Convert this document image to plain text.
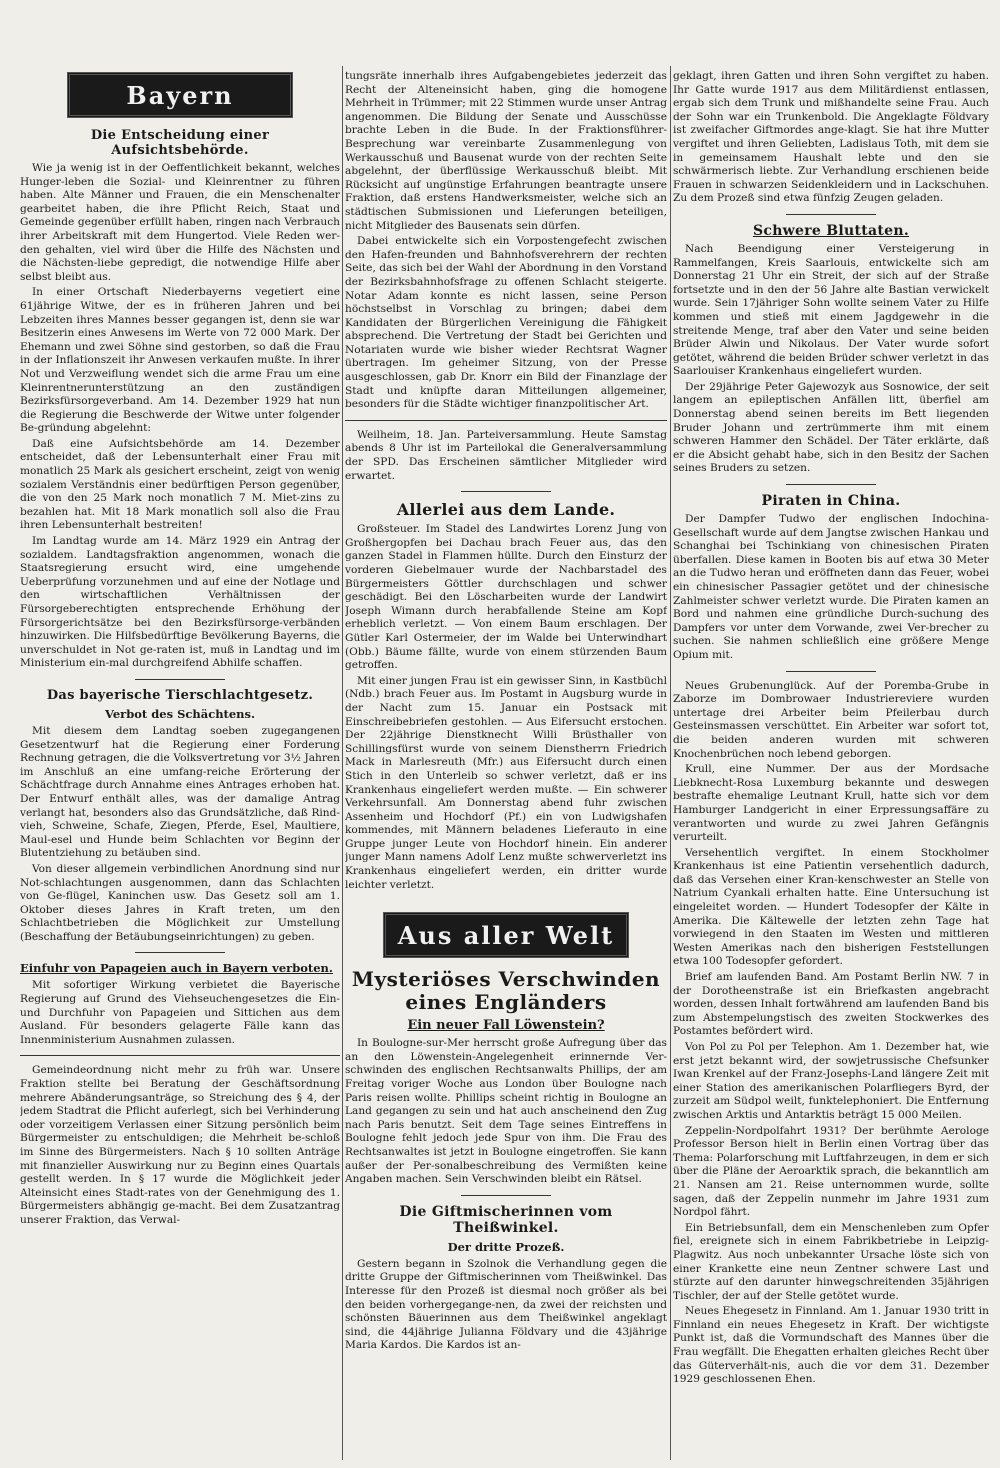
Bayern
Die Entscheidung einer Aufsichtsbehörde.

Wie ja wenig ist in der Oeffentlichkeit bekannt, welches Hunger-leben die Sozial- und Kleinrentner zu führen haben. Alte Männer und Frauen, die ein Menschenalter gearbeitet haben, die ihre Pflicht Reich, Staat und Gemeinde gegenüber erfüllt haben, ringen nach Verbrauch ihrer Arbeitskraft mit dem Hungertod. Viele Reden wer-den gehalten, viel wird über die Hilfe des Nächsten und die Nächsten-liebe gepredigt, die notwendige Hilfe aber selbst bleibt aus.

In einer Ortschaft Niederbayerns vegetiert eine 61jährige Witwe, der es in früheren Jahren und bei Lebzeiten ihres Mannes besser gegangen ist, denn sie war Besitzerin eines Anwesens im Werte von 72 000 Mark. Der Ehemann und zwei Söhne sind gestorben, so daß die Frau in der Inflationszeit ihr Anwesen verkaufen mußte. In ihrer Not und Verzweiflung wendet sich die arme Frau um eine Kleinrentnerunterstützung an den zuständigen Bezirksfürsorgeverband. Am 14. Dezember 1929 hat nun die Regierung die Beschwerde der Witwe unter folgender Be-gründung abgelehnt:

Daß eine Aufsichtsbehörde am 14. Dezember entscheidet, daß der Lebensunterhalt einer Frau mit monatlich 25 Mark als gesichert erscheint, zeigt von wenig sozialem Verständnis einer bedürftigen Person gegenüber, die von den 25 Mark noch monatlich 7 M. Miet-zins zu bezahlen hat. Mit 18 Mark monatlich soll also die Frau ihren Lebensunterhalt bestreiten!

Im Landtag wurde am 14. März 1929 ein Antrag der sozialdem. Landtagsfraktion angenommen, wonach die Staatsregierung ersucht wird, eine umgehende Ueberprüfung vorzunehmen und auf eine der Notlage und den wirtschaftlichen Verhältnissen der Fürsorgeberechtigten entsprechende Erhöhung der Fürsorgerichtsätze bei den Bezirksfürsorge-verbänden hinzuwirken. Die Hilfsbedürftige Bevölkerung Bayerns, die unverschuldet in Not ge-raten ist, muß in Landtag und im Ministerium ein-mal durchgreifend Abhilfe schaffen.

Das bayerische Tierschlachtgesetz.
Verbot des Schächtens.

Mit diesem dem Landtag soeben zugegangenen Gesetzentwurf hat die Regierung einer Forderung Rechnung getragen, die die Volksvertretung vor 3½ Jahren im Anschluß an eine umfang-reiche Erörterung der Schächtfrage durch Annahme eines Antrages erhoben hat. Der Entwurf enthält alles, was der damalige Antrag verlangt hat, besonders also das Grundsätzliche, daß Rind-vieh, Schweine, Schafe, Ziegen, Pferde, Esel, Maultiere, Maul-esel und Hunde beim Schlachten vor Beginn der Blutentziehung zu betäuben sind.

Von dieser allgemein verbindlichen Anordnung sind nur Not-schlachtungen ausgenommen, dann das Schlachten von Ge-flügel, Kaninchen usw. Das Gesetz soll am 1. Oktober dieses Jahres in Kraft treten, um den Schlachtbetrieben die Möglichkeit zur Umstellung (Beschaffung der Betäubungseinrichtungen) zu geben.

Einfuhr von Papageien auch in Bayern verboten.

Mit sofortiger Wirkung verbietet die Bayerische Regierung auf Grund des Viehseuchengesetzes die Ein- und Durchfuhr von Papageien und Sittichen aus dem Ausland. Für besonders gelagerte Fälle kann das Innenministerium Ausnahmen zulassen.

Gemeindeordnung nicht mehr zu früh war. Unsere Fraktion stellte bei Beratung der Geschäftsordnung mehrere Abänderungsanträge, so Streichung des § 4, der jedem Stadtrat die Pflicht auferlegt, sich bei Verhinderung oder vorzeitigem Verlassen einer Sitzung persönlich beim Bürgermeister zu entschuldigen; die Mehrheit be-schloß im Sinne des Bürgermeisters. Nach § 10 sollten Anträge mit finanzieller Auswirkung nur zu Beginn eines Quartals gestellt werden. In § 17 wurde die Möglichkeit jeder Alteinsicht eines Stadt-rates von der Genehmigung des 1. Bürgermeisters abhängig ge-macht. Bei dem Zusatzantrag unserer Fraktion, das Verwal-

tungsräte innerhalb ihres Aufgabengebietes jederzeit das Recht der Alteneinsicht haben, ging die homogene Mehrheit in Trümmer; mit 22 Stimmen wurde unser Antrag angenommen. Die Bildung der Senate und Ausschüsse brachte Leben in die Bude. In der Fraktionsführer-Besprechung war vereinbarte Zusammenlegung von Werkausschuß und Bausenat wurde von der rechten Seite abgelehnt, der überflüssige Werkausschuß bleibt. Mit Rücksicht auf ungünstige Erfahrungen beantragte unsere Fraktion, daß erstens Handwerksmeister, welche sich an städtischen Submissionen und Lieferungen beteiligen, nicht Mitglieder des Bausenats sein dürfen.

Dabei entwickelte sich ein Vorpostengefecht zwischen den Hafen-freunden und Bahnhofsverehrern der rechten Seite, das sich bei der Wahl der Abordnung in den Vorstand der Bezirksbahnhofsfrage zu offenen Schlacht steigerte. Notar Adam konnte es nicht lassen, seine Person höchstselbst in Vorschlag zu bringen; dabei dem Kandidaten der Bürgerlichen Vereinigung die Fähigkeit absprechend. Die Vertretung der Stadt bei Gerichten und Notariaten wurde wie bisher wieder Rechtsrat Wagner übertragen. Im geheimer Sitzung, von der Presse ausgeschlossen, gab Dr. Knorr ein Bild der Finanzlage der Stadt und knüpfte daran Mitteilungen allgemeiner, besonders für die Städte wichtiger finanzpolitischer Art.

Weilheim, 18. Jan. Parteiversammlung. Heute Samstag abends 8 Uhr ist im Parteilokal die Generalversammlung der SPD. Das Erscheinen sämtlicher Mitglieder wird erwartet.

Allerlei aus dem Lande.

Großsteuer. Im Stadel des Landwirtes Lorenz Jung von Großhergopfen bei Dachau brach Feuer aus, das den ganzen Stadel in Flammen hüllte. Durch den Einsturz der vorderen Giebelmauer wurde der Nachbarstadel des Bürgermeisters Göttler durchschlagen und schwer geschädigt. Bei den Löscharbeiten wurde der Landwirt Joseph Wimann durch herabfallende Steine am Kopf erheblich verletzt. — Von einem Baum erschlagen. Der Gütler Karl Ostermeier, der im Walde bei Unterwindhart (Obb.) Bäume fällte, wurde von einem stürzenden Baum getroffen.

Mit einer jungen Frau ist ein gewisser Sinn, in Kastbüchl (Ndb.) brach Feuer aus. Im Postamt in Augsburg wurde in der Nacht zum 15. Januar ein Postsack mit Einschreibebriefen gestohlen. — Aus Eifersucht erstochen. Der 22jährige Dienstknecht Willi Brüsthaller von Schillingsfürst wurde von seinem Dienstherrn Friedrich Mack in Marlesreuth (Mfr.) aus Eifersucht durch einen Stich in den Unterleib so schwer verletzt, daß er ins Krankenhaus eingeliefert werden mußte. — Ein schwerer Verkehrsunfall. Am Donnerstag abend fuhr zwischen Assenheim und Hochdorf (Pf.) ein von Ludwigshafen kommendes, mit Männern beladenes Lieferauto in eine Gruppe junger Leute von Hochdorf hinein. Ein anderer junger Mann namens Adolf Lenz mußte schwerverletzt ins Krankenhaus eingeliefert werden, ein dritter wurde leichter verletzt.

Aus aller Welt
Mysteriöses Verschwinden eines Engländers
Ein neuer Fall Löwenstein?

In Boulogne-sur-Mer herrscht große Aufregung über das an den Löwenstein-Angelegenheit erinnernde Ver-schwinden des englischen Rechtsanwalts Phillips, der am Freitag voriger Woche aus London über Boulogne nach Paris reisen wollte. Phillips scheint richtig in Boulogne an Land gegangen zu sein und hat auch anscheinend den Zug nach Paris benutzt. Seit dem Tage seines Eintreffens in Boulogne fehlt jedoch jede Spur von ihm. Die Frau des Rechtsanwaltes ist jetzt in Boulogne eingetroffen. Sie kann außer der Per-sonalbeschreibung des Vermißten keine Angaben machen. Sein Verschwinden bleibt ein Rätsel.

Die Giftmischerinnen vom Theißwinkel.
Der dritte Prozeß.

Gestern begann in Szolnok die Verhandlung gegen die dritte Gruppe der Giftmischerinnen vom Theißwinkel. Das Interesse für den Prozeß ist diesmal noch größer als bei den beiden vorhergegange-nen, da zwei der reichsten und schönsten Bäuerinnen aus dem Theißwinkel angeklagt sind, die 44jährige Julianna Földvary und die 43jährige Maria Kardos. Die Kardos ist an-

geklagt, ihren Gatten und ihren Sohn vergiftet zu haben. Ihr Gatte wurde 1917 aus dem Militärdienst entlassen, ergab sich dem Trunk und mißhandelte seine Frau. Auch der Sohn war ein Trunkenbold. Die Angeklagte Földvary ist zweifacher Giftmordes ange-klagt. Sie hat ihre Mutter vergiftet und ihren Geliebten, Ladislaus Toth, mit dem sie in gemeinsamem Haushalt lebte und den sie schwärmerisch liebte. Zur Verhandlung erschienen beide Frauen in schwarzen Seidenkleidern und in Lackschuhen. Zu dem Prozeß sind etwa fünfzig Zeugen geladen.

Schwere Bluttaten.

Nach Beendigung einer Versteigerung in Rammelfangen, Kreis Saarlouis, entwickelte sich am Donnerstag 21 Uhr ein Streit, der sich auf der Straße fortsetzte und in den der 56 Jahre alte Bastian verwickelt wurde. Sein 17jähriger Sohn wollte seinem Vater zu Hilfe kommen und stieß mit einem Jagdgewehr in die streitende Menge, traf aber den Vater und seine beiden Brüder Alwin und Nikolaus. Der Vater wurde sofort getötet, während die beiden Brüder schwer verletzt in das Saarlouiser Krankenhaus eingeliefert wurden.

Der 29jährige Peter Gajewozyk aus Sosnowice, der seit langem an epileptischen Anfällen litt, überfiel am Donnerstag abend seinen bereits im Bett liegenden Bruder Johann und zertrümmerte ihm mit einem schweren Hammer den Schädel. Der Täter erklärte, daß er die Absicht gehabt habe, sich in den Besitz der Sachen seines Bruders zu setzen.

Piraten in China.

Der Dampfer Tudwo der englischen Indochina-Gesellschaft wurde auf dem Jangtse zwischen Hankau und Schanghai bei Tschinkiang von chinesischen Piraten überfallen. Diese kamen in Booten bis auf etwa 30 Meter an die Tudwo heran und eröffneten dann das Feuer, wobei ein chinesischer Passagier getötet und der chinesische Zahlmeister schwer verletzt wurde. Die Piraten kamen an Bord und nahmen eine gründliche Durch-suchung des Dampfers vor unter dem Vorwande, zwei Ver-brecher zu suchen. Sie nahmen schließlich eine größere Menge Opium mit.

Neues Grubenunglück. Auf der Poremba-Grube in Zaborze im Dombrowaer Industriereviere wurden untertage drei Arbeiter beim Pfeilerbau durch Gesteinsmassen verschüttet. Ein Arbeiter war sofort tot, die beiden anderen wurden mit schweren Knochenbrüchen noch lebend geborgen.

Krull, eine Nummer. Der aus der Mordsache Liebknecht-Rosa Luxemburg bekannte und deswegen bestrafte ehemalige Leutnant Krull, hatte sich vor dem Hamburger Landgericht in einer Erpressungsaffäre zu verantworten und wurde zu zwei Jahren Gefängnis verurteilt.

Versehentlich vergiftet. In einem Stockholmer Krankenhaus ist eine Patientin versehentlich dadurch, daß das Versehen einer Kran-kenschwester an Stelle von Natrium Cyankali erhalten hatte. Eine Untersuchung ist eingeleitet worden. — Hundert Todesopfer der Kälte in Amerika. Die Kältewelle der letzten zehn Tage hat vorwiegend in den Staaten im Westen und mittleren Westen Amerikas nach den bisherigen Feststellungen etwa 100 Todesopfer gefordert.

Brief am laufenden Band. Am Postamt Berlin NW. 7 in der Dorotheenstraße ist ein Briefkasten angebracht worden, dessen Inhalt fortwährend am laufenden Band bis zum Abstempelungstisch des zweiten Stockwerkes des Postamtes befördert wird.

Von Pol zu Pol per Telephon. Am 1. Dezember hat, wie erst jetzt bekannt wird, der sowjetrussische Chefsunker Iwan Krenkel auf der Franz-Josephs-Land längere Zeit mit einer Station des amerikanischen Polarfliegers Byrd, der zurzeit am Südpol weilt, funktelephoniert. Die Entfernung zwischen Arktis und Antarktis beträgt 15 000 Meilen.

Zeppelin-Nordpolfahrt 1931? Der berühmte Aerologe Professor Berson hielt in Berlin einen Vortrag über das Thema: Polarforschung mit Luftfahrzeugen, in dem er sich über die Pläne der Aeroarktik sprach, die bekanntlich am 21. Nansen am 21. Reise unternommen wurde, sollte sagen, daß der Zeppelin nunmehr im Jahre 1931 zum Nordpol fährt.

Ein Betriebsunfall, dem ein Menschenleben zum Opfer fiel, ereignete sich in einem Fabrikbetriebe in Leipzig-Plagwitz. Aus noch unbekannter Ursache löste sich von einer Krankette eine neun Zentner schwere Last und stürzte auf den darunter hinwegschreitenden 35jährigen Tischler, der auf der Stelle getötet wurde.

Neues Ehegesetz in Finnland. Am 1. Januar 1930 tritt in Finnland ein neues Ehegesetz in Kraft. Der wichtigste Punkt ist, daß die Vormundschaft des Mannes über die Frau wegfällt. Die Ehegatten erhalten gleiches Recht über das Güterverhält-nis, auch die vor dem 31. Dezember 1929 geschlossenen Ehen.
